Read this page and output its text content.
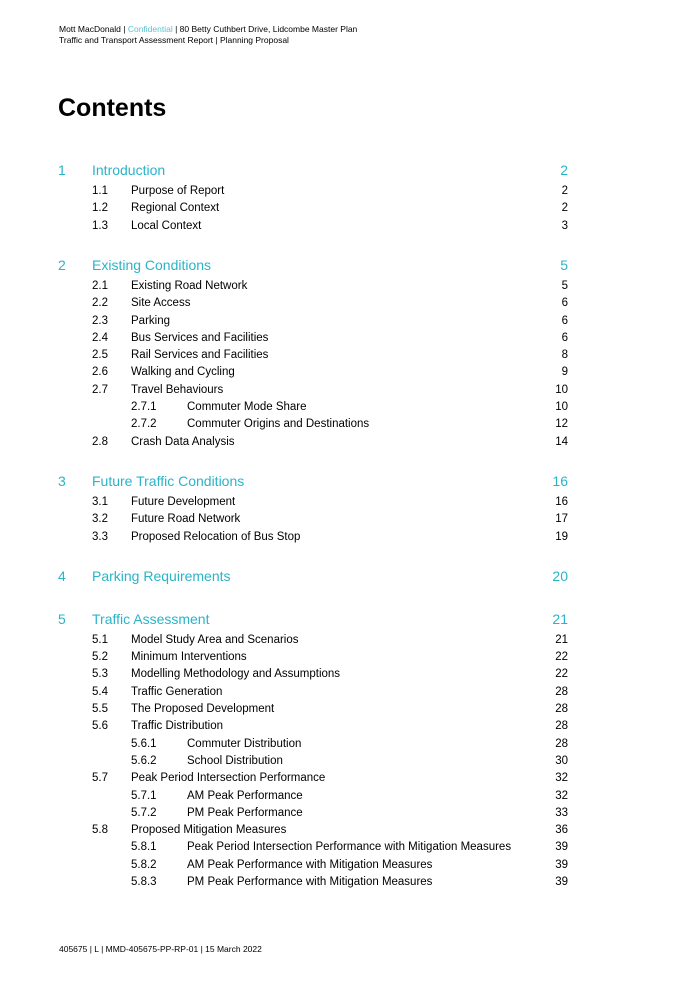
Mott MacDonald | Confidential | 80 Betty Cuthbert Drive, Lidcombe Master Plan
Traffic and Transport Assessment Report | Planning Proposal
Contents
1 Introduction	2
1.1 Purpose of Report	2
1.2 Regional Context	2
1.3 Local Context	3
2 Existing Conditions	5
2.1 Existing Road Network	5
2.2 Site Access	6
2.3 Parking	6
2.4 Bus Services and Facilities	6
2.5 Rail Services and Facilities	8
2.6 Walking and Cycling	9
2.7 Travel Behaviours	10
2.7.1	Commuter Mode Share	10
2.7.2	Commuter Origins and Destinations	12
2.8 Crash Data Analysis	14
3 Future Traffic Conditions	16
3.1 Future Development	16
3.2 Future Road Network	17
3.3 Proposed Relocation of Bus Stop	19
4 Parking Requirements	20
5 Traffic Assessment	21
5.1 Model Study Area and Scenarios	21
5.2 Minimum Interventions	22
5.3 Modelling Methodology and Assumptions	22
5.4 Traffic Generation	28
5.5 The Proposed Development	28
5.6 Traffic Distribution	28
5.6.1	Commuter Distribution	28
5.6.2	School Distribution	30
5.7 Peak Period Intersection Performance	32
5.7.1	AM Peak Performance	32
5.7.2	PM Peak Performance	33
5.8 Proposed Mitigation Measures	36
5.8.1	Peak Period Intersection Performance with Mitigation Measures	39
5.8.2	AM Peak Performance with Mitigation Measures	39
5.8.3	PM Peak Performance with Mitigation Measures	39
405675 | L | MMD-405675-PP-RP-01 | 15 March 2022
